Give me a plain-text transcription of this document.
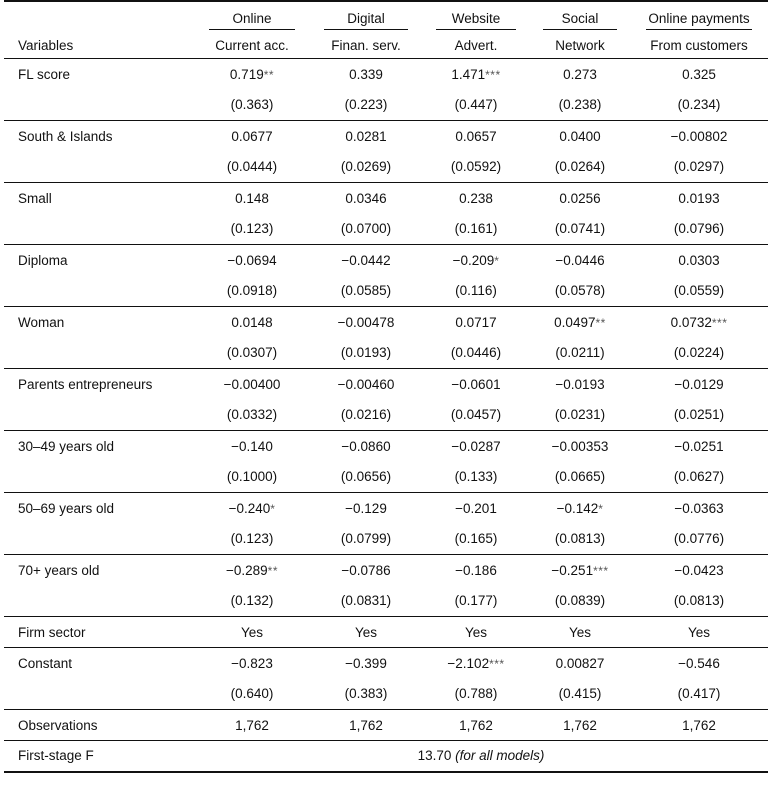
	Online	Digital	Website	Social	Online payments
Variables	Current acc.	Finan. serv.	Advert.	Network	From customers
FL score	0.719**	0.339	1.471***	0.273	0.325
	(0.363)	(0.223)	(0.447)	(0.238)	(0.234)
South & Islands	0.0677	0.0281	0.0657	0.0400	−0.00802
	(0.0444)	(0.0269)	(0.0592)	(0.0264)	(0.0297)
Small	0.148	0.0346	0.238	0.0256	0.0193
	(0.123)	(0.0700)	(0.161)	(0.0741)	(0.0796)
Diploma	−0.0694	−0.0442	−0.209*	−0.0446	0.0303
	(0.0918)	(0.0585)	(0.116)	(0.0578)	(0.0559)
Woman	0.0148	−0.00478	0.0717	0.0497**	0.0732***
	(0.0307)	(0.0193)	(0.0446)	(0.0211)	(0.0224)
Parents entrepreneurs	−0.00400	−0.00460	−0.0601	−0.0193	−0.0129
	(0.0332)	(0.0216)	(0.0457)	(0.0231)	(0.0251)
30–49 years old	−0.140	−0.0860	−0.0287	−0.00353	−0.0251
	(0.1000)	(0.0656)	(0.133)	(0.0665)	(0.0627)
50–69 years old	−0.240*	−0.129	−0.201	−0.142*	−0.0363
	(0.123)	(0.0799)	(0.165)	(0.0813)	(0.0776)
70+ years old	−0.289**	−0.0786	−0.186	−0.251***	−0.0423
	(0.132)	(0.0831)	(0.177)	(0.0839)	(0.0813)
Firm sector	Yes	Yes	Yes	Yes	Yes
Constant	−0.823	−0.399	−2.102***	0.00827	−0.546
	(0.640)	(0.383)	(0.788)	(0.415)	(0.417)
Observations	1,762	1,762	1,762	1,762	1,762
First-stage F	13.70 (for all models)				
